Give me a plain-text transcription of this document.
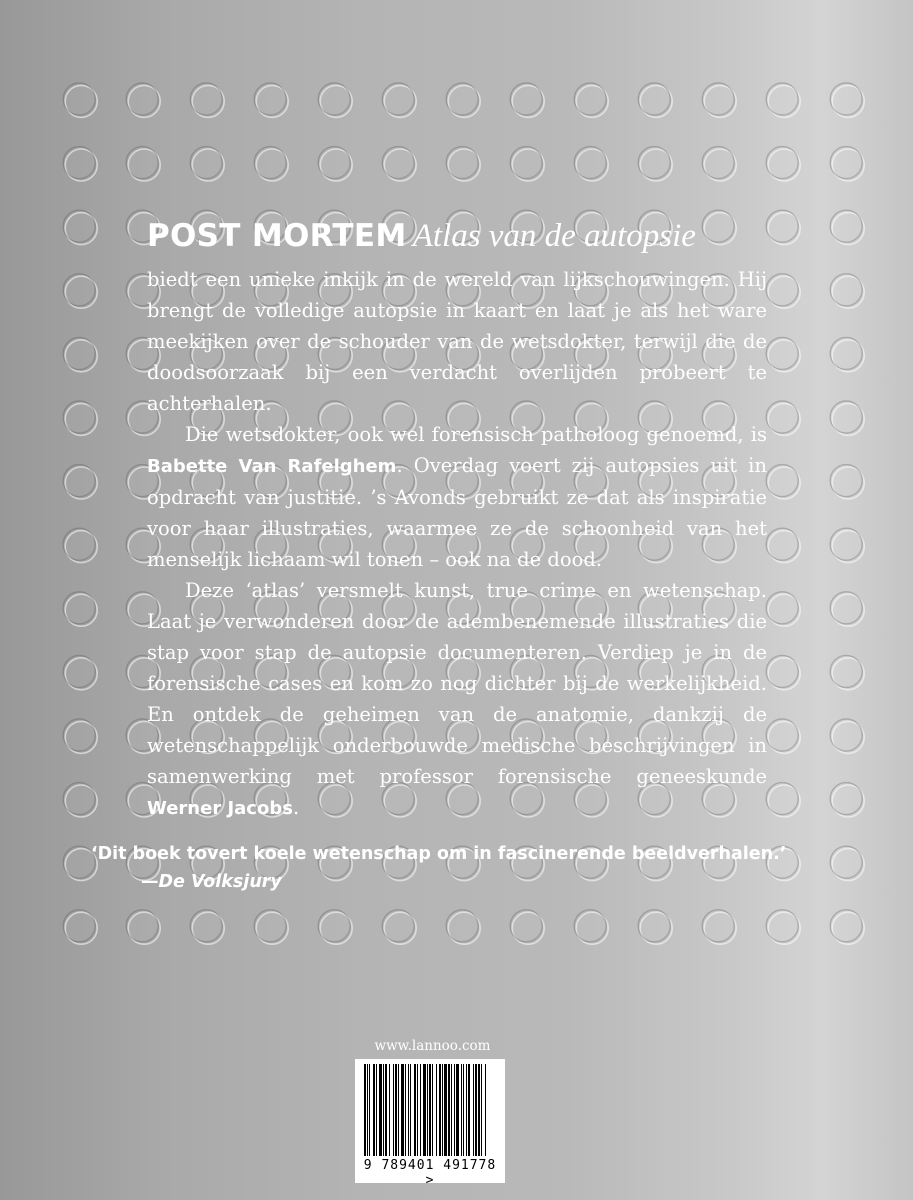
POST MORTEM Atlas van de autopsie

biedt een unieke inkijk in de wereld van lijkschouwingen. Hij brengt de volledige autopsie in kaart en laat je als het ware meekijken over de schouder van de wetsdokter, terwijl die de doodsoorzaak bij een verdacht overlijden probeert te achterhalen.

Die wetsdokter, ook wel forensisch patholoog genoemd, is Babette Van Rafelghem. Overdag voert zij autopsies uit in opdracht van justitie. ’s Avonds gebruikt ze dat als inspiratie voor haar illustraties, waarmee ze de schoonheid van het menselijk lichaam wil tonen – ook na de dood.

Deze ‘atlas’ versmelt kunst, true crime en wetenschap. Laat je verwonderen door de adembenemende illustraties die stap voor stap de autopsie documenteren. Verdiep je in de forensische cases en kom zo nog dichter bij de werkelijkheid. En ontdek de geheimen van de anatomie, dankzij de wetenschappelijk onderbouwde medische beschrijvingen in samenwerking met professor forensische geneeskunde Werner Jacobs.

‘Dit boek tovert koele wetenschap om in fascinerende beeldverhalen.’
—De Volksjury
www.lannoo.com
9 789401 491778 >
